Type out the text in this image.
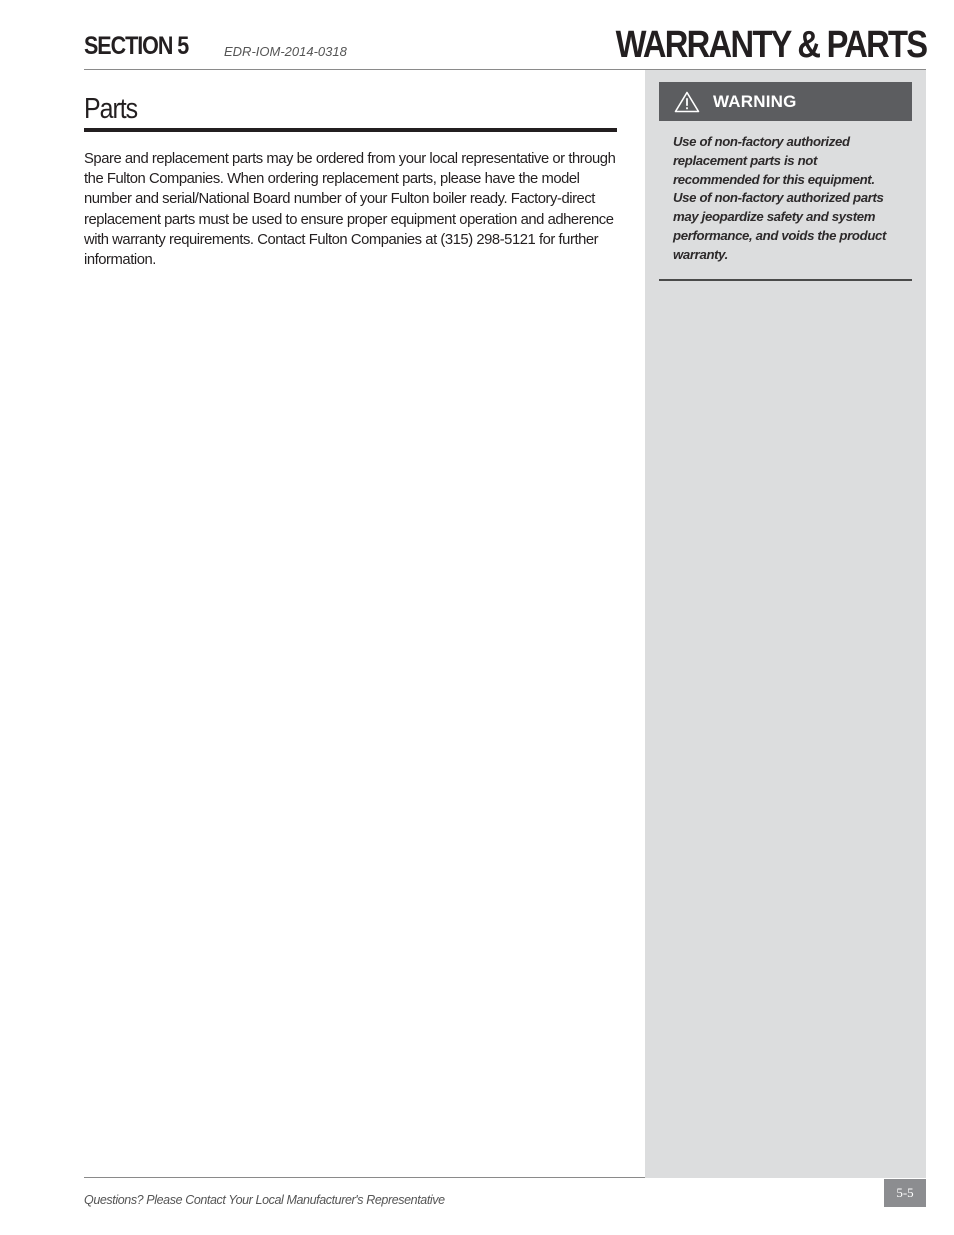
SECTION 5	EDR-IOM-2014-0318	WARRANTY & PARTS
WARNING
Use of non-factory authorized replacement parts is not recommended for this equipment. Use of non-factory authorized parts may jeopardize safety and system performance, and voids the product warranty.
Parts

Spare and replacement parts may be ordered from your local representative or through the Fulton Companies. When ordering replacement parts, please have the model number and serial/National Board number of your Fulton boiler ready. Factory-direct replacement parts must be used to ensure proper equipment operation and adherence with warranty requirements. Contact Fulton Companies at (315) 298-5121 for further information.

Questions? Please Contact Your Local Manufacturer's Representative	5-5
